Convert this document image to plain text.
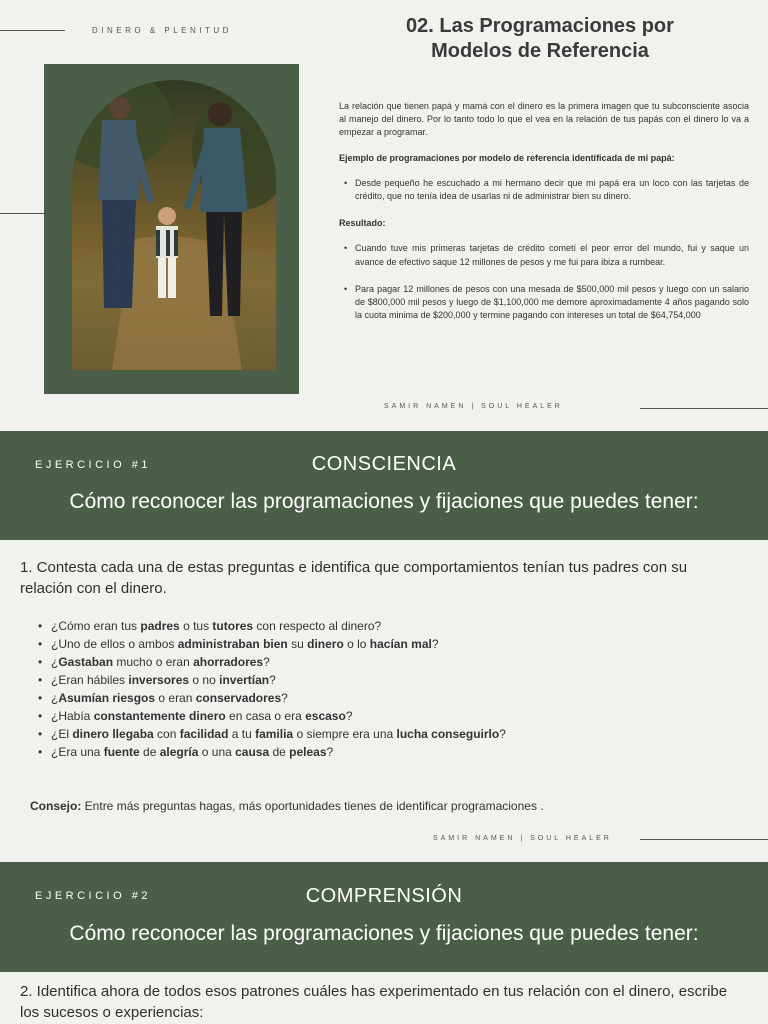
DINERO & PLENITUD	02. Las Programaciones por
Modelos de Referencia

La relación que tienen papá y mamá con el dinero es la primera imagen que tu subconsciente asocia al manejo del dinero. Por lo tanto todo lo que el vea en la relación de tus papás con el dinero lo va a empezar a programar.

Ejemplo de programaciones por modelo de referencia identificada de mi papá:

• Desde pequeño he escuchado a mi hermano decir que mi papá era un loco con las tarjetas de crédito, que no tenía idea de usarlas ni de administrar bien su dinero.

Resultado:

• Cuando tuve mis primeras tarjetas de crédito cometí el peor error del mundo, fui y saque un avance de efectivo saque 12 millones de pesos y me fui para ibiza a rumbear.
• Para pagar 12 millones de pesos con una mesada de $500,000 mil pesos y luego con un salario de $800,000 mil pesos y luego de $1,100,000 me demore aproximadamente 4 años pagando solo la cuota minima de $200,000 y termine pagando con intereses un total de $64,754,000
SAMIR NAMEN | SOUL HEALER
EJERCICIO #1	CONSCIENCIA
Cómo reconocer las programaciones y fijaciones que puedes tener:
1. Contesta cada una de estas preguntas e identifica que comportamientos tenían tus padres con su relación con el dinero.
• ¿Cómo eran tus padres o tus tutores con respecto al dinero?
• ¿Uno de ellos o ambos administraban bien su dinero o lo hacían mal?
• ¿Gastaban mucho o eran ahorradores?
• ¿Eran hábiles inversores o no invertían?
• ¿Asumían riesgos o eran conservadores?
• ¿Había constantemente dinero en casa o era escaso?
• ¿El dinero llegaba con facilidad a tu familia o siempre era una lucha conseguirlo?
• ¿Era una fuente de alegría o una causa de peleas?
Consejo: Entre más preguntas hagas, más oportunidades tienes de identificar programaciones .
SAMIR NAMEN | SOUL HEALER
EJERCICIO #2	COMPRENSIÓN
Cómo reconocer las programaciones y fijaciones que puedes tener:
2. Identifica ahora de todos esos patrones cuáles has experimentado en tus relación con el dinero, escribe los sucesos o experiencias:
